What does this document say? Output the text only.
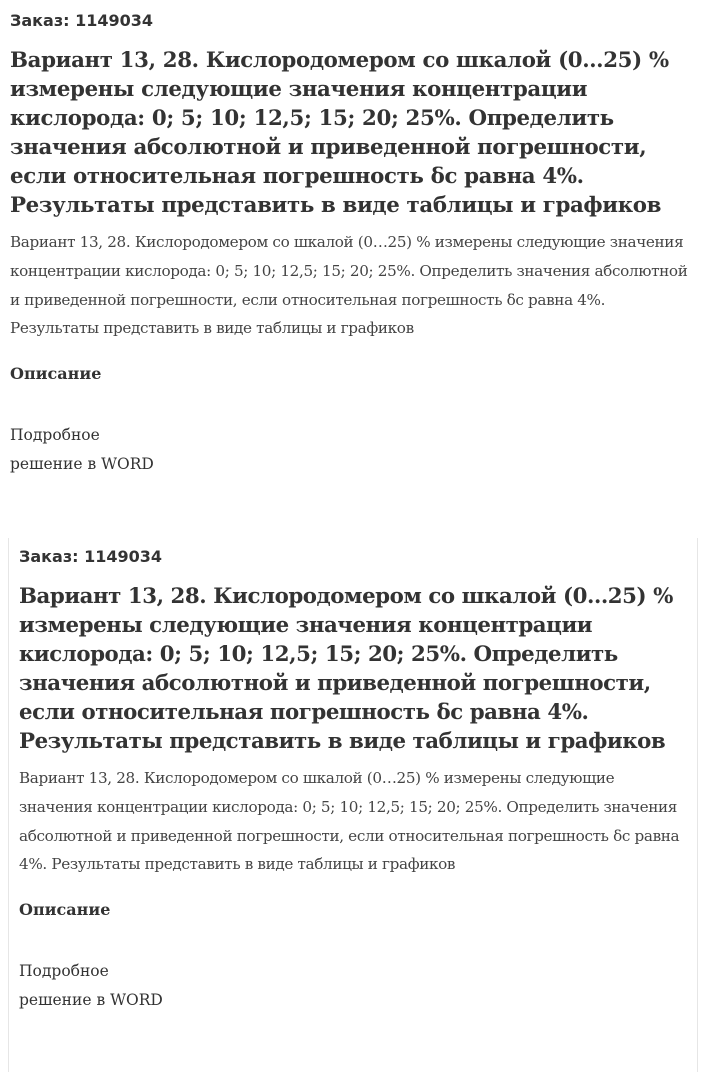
Заказ: 1149034
Вариант 13, 28. Кислородомером со шкалой (0…25) % измерены следующие значения концентрации кислорода: 0; 5; 10; 12,5; 15; 20; 25%. Определить значения абсолютной и приведенной погрешности, если относительная погрешность δс равна 4%. Результаты представить в виде таблицы и графиков
Вариант 13, 28. Кислородомером со шкалой (0…25) % измерены следующие значения концентрации кислорода: 0; 5; 10; 12,5; 15; 20; 25%. Определить значения абсолютной и приведенной погрешности, если относительная погрешность δс равна 4%. Результаты представить в виде таблицы и графиков
Описание
Подробное
решение в WORD
Заказ: 1149034
Вариант 13, 28. Кислородомером со шкалой (0…25) % измерены следующие значения концентрации кислорода: 0; 5; 10; 12,5; 15; 20; 25%. Определить значения абсолютной и приведенной погрешности, если относительная погрешность δс равна 4%. Результаты представить в виде таблицы и графиков
Вариант 13, 28. Кислородомером со шкалой (0…25) % измерены следующие значения концентрации кислорода: 0; 5; 10; 12,5; 15; 20; 25%. Определить значения абсолютной и приведенной погрешности, если относительная погрешность δс равна 4%. Результаты представить в виде таблицы и графиков
Описание
Подробное
решение в WORD
